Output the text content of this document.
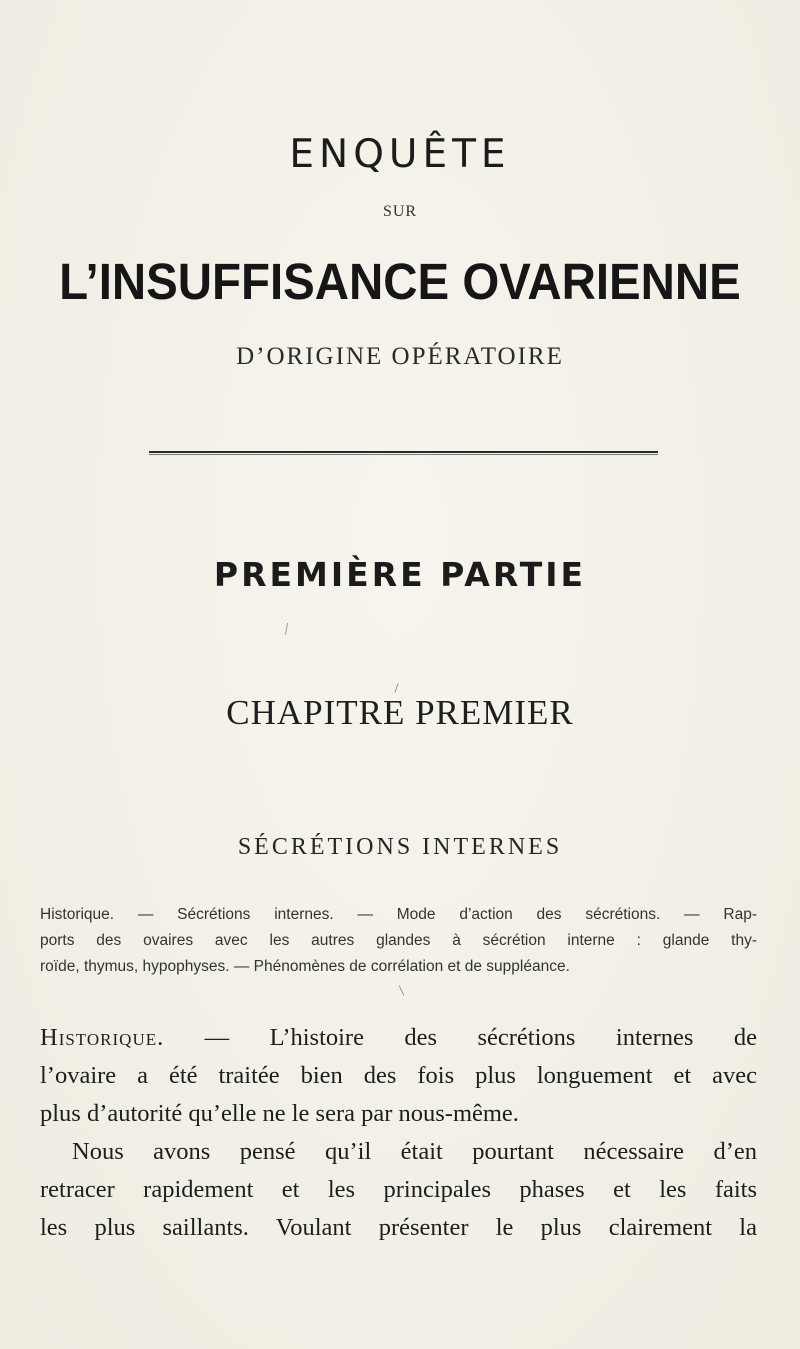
ENQUÊTE
SUR
L’INSUFFISANCE OVARIENNE
D’ORIGINE OPÉRATOIRE
PREMIÈRE PARTIE
CHAPITRE PREMIER
SÉCRÉTIONS INTERNES
Historique. — Sécrétions internes. — Mode d’action des sécrétions. — Rap-
ports des ovaires avec les autres glandes à sécrétion interne : glande thy-
roïde, thymus, hypophyses. — Phénomènes de corrélation et de suppléance.
Historique. — L’histoire des sécrétions internes de
l’ovaire a été traitée bien des fois plus longuement et avec
plus d’autorité qu’elle ne le sera par nous-même.
Nous avons pensé qu’il était pourtant nécessaire d’en
retracer rapidement et les principales phases et les faits
les plus saillants. Voulant présenter le plus clairement la
